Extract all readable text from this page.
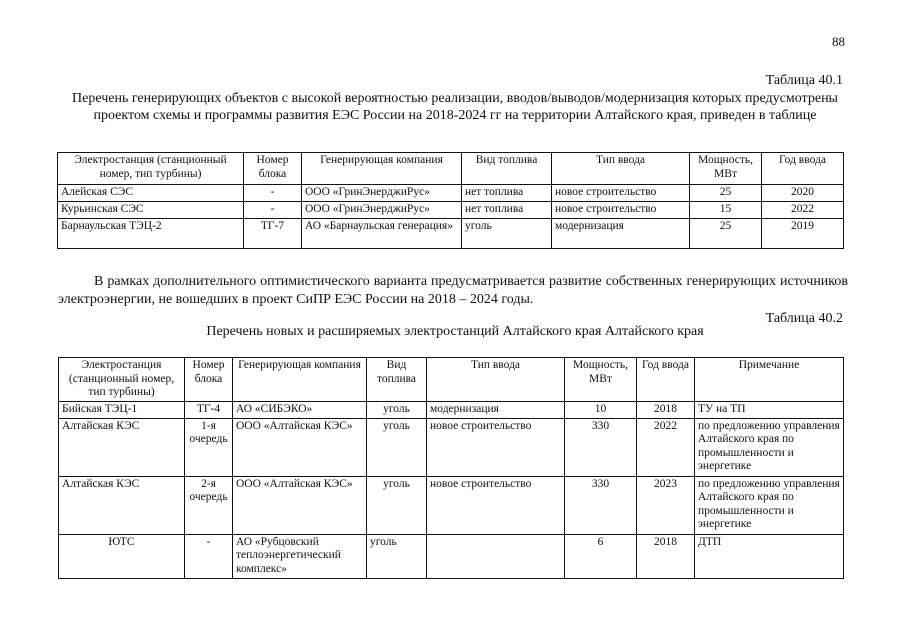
88
Таблица 40.1
Перечень генерирующих объектов с высокой вероятностью реализации, вводов/выводов/модернизация которых предусмотрены проектом схемы и программы развития ЕЭС России на 2018-2024 гг на территории Алтайского края, приведен в таблице
Электростанция (станционный номер, тип турбины)	Номер блока	Генерирующая компания	Вид топлива	Тип ввода	Мощность, МВт	Год ввода
Алейская СЭС	-	ООО «ГринЭнерджиРус»	нет топлива	новое строительство	25	2020
Курьинская СЭС	-	ООО «ГринЭнерджиРус»	нет топлива	новое строительство	15	2022
Барнаульская ТЭЦ-2	ТГ-7	АО «Барнаульская генерация»	уголь	модернизация	25	2019
В рамках дополнительного оптимистического варианта предусматривается развитие собственных генерирующих источников электроэнергии, не вошедших в проект СиПР ЕЭС России на 2018 – 2024 годы.
Таблица 40.2
Перечень новых и расширяемых электростанций Алтайского края Алтайского края
Электростанция (станционный номер, тип турбины)	Номер блока	Генерирующая компания	Вид топлива	Тип ввода	Мощность, МВт	Год ввода	Примечание
Бийская ТЭЦ-1	ТГ-4	АО «СИБЭКО»	уголь	модернизация	10	2018	ТУ на ТП
Алтайская КЭС	1-я очередь	ООО «Алтайская КЭС»	уголь	новое строительство	330	2022	по предложению управления Алтайского края по промышленности и энергетике
Алтайская КЭС	2-я очередь	ООО «Алтайская КЭС»	уголь	новое строительство	330	2023	по предложению управления Алтайского края по промышленности и энергетике
ЮТС	-	АО «Рубцовский теплоэнергетический комплекс»	уголь		6	2018	ДТП
